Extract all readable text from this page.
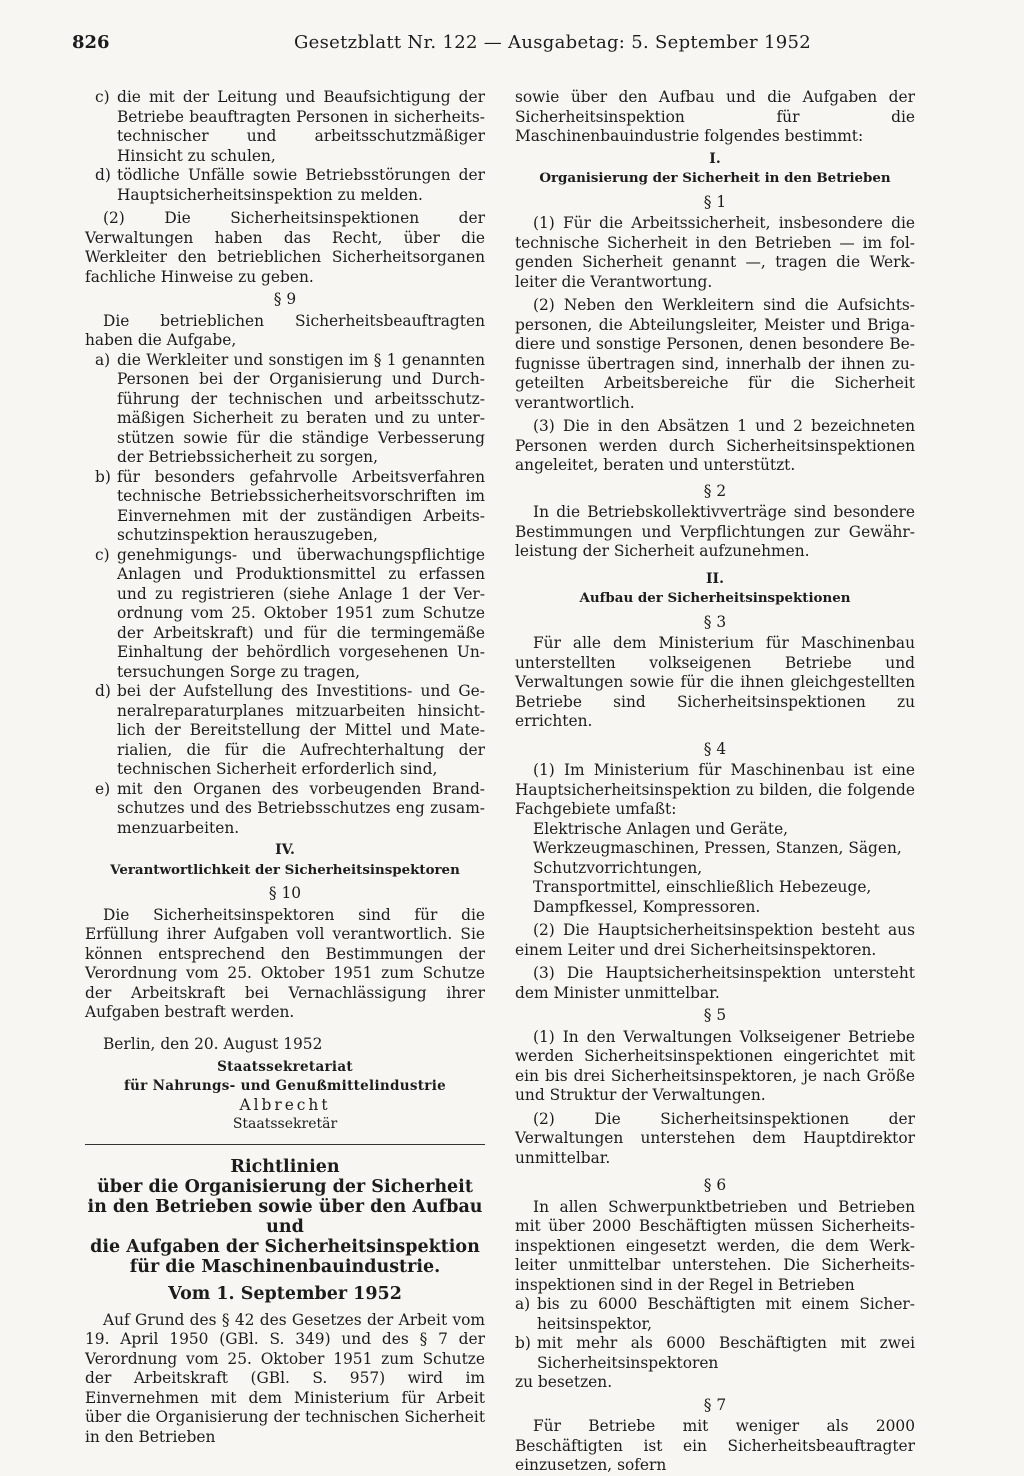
826	Gesetzblatt Nr. 122 — Ausgabetag: 5. September 1952
c) die mit der Leitung und Beaufsichtigung der Betriebe beauftragten Personen in sicherheitstechnischer und arbeitsschutzmäßiger Hinsicht zu schulen,
d) tödliche Unfälle sowie Betriebsstörungen der Hauptsicherheitsinspektion zu melden.

(2) Die Sicherheitsinspektionen der Verwaltungen haben das Recht, über die Werkleiter den betrieblichen Sicherheitsorganen fachliche Hinweise zu geben.

§ 9

Die betrieblichen Sicherheitsbeauftragten haben die Aufgabe,

a) die Werkleiter und sonstigen im § 1 genannten Personen bei der Organisierung und Durchführung der technischen und arbeitsschutzmäßigen Sicherheit zu beraten und zu unterstützen sowie für die ständige Verbesserung der Betriebssicherheit zu sorgen,
b) für besonders gefahrvolle Arbeitsverfahren technische Betriebssicherheitsvorschriften im Einvernehmen mit der zuständigen Arbeitsschutzinspektion herauszugeben,
c) genehmigungs- und überwachungspflichtige Anlagen und Produktionsmittel zu erfassen und zu registrieren (siehe Anlage 1 der Verordnung vom 25. Oktober 1951 zum Schutze der Arbeitskraft) und für die termingemäße Einhaltung der behördlich vorgesehenen Untersuchungen Sorge zu tragen,
d) bei der Aufstellung des Investitions- und Generalreparaturplanes mitzuarbeiten hinsichtlich der Bereitstellung der Mittel und Materialien, die für die Aufrechterhaltung der technischen Sicherheit erforderlich sind,
e) mit den Organen des vorbeugenden Brandschutzes und des Betriebsschutzes eng zusammenzuarbeiten.
IV.
Verantwortlichkeit der Sicherheitsinspektoren
§ 10

Die Sicherheitsinspektoren sind für die Erfüllung ihrer Aufgaben voll verantwortlich. Sie können entsprechend den Bestimmungen der Verordnung vom 25. Oktober 1951 zum Schutze der Arbeitskraft bei Vernachlässigung ihrer Aufgaben bestraft werden.

Berlin, den 20. August 1952

Staatssekretariat
für Nahrungs- und Genußmittelindustrie
Albrecht
Staatssekretär
Richtlinien
über die Organisierung der Sicherheit
in den Betrieben sowie über den Aufbau und
die Aufgaben der Sicherheitsinspektion
für die Maschinenbauindustrie.
Vom 1. September 1952

Auf Grund des § 42 des Gesetzes der Arbeit vom 19. April 1950 (GBl. S. 349) und des § 7 der Verordnung vom 25. Oktober 1951 zum Schutze der Arbeitskraft (GBl. S. 957) wird im Einvernehmen mit dem Ministerium für Arbeit über die Organisierung der technischen Sicherheit in den Betrieben

sowie über den Aufbau und die Aufgaben der Sicherheitsinspektion für die Maschinenbauindustrie folgendes bestimmt:

I.
Organisierung der Sicherheit in den Betrieben
§ 1

(1) Für die Arbeitssicherheit, insbesondere die technische Sicherheit in den Betrieben — im folgenden Sicherheit genannt —, tragen die Werkleiter die Verantwortung.

(2) Neben den Werkleitern sind die Aufsichtspersonen, die Abteilungsleiter, Meister und Brigadiere und sonstige Personen, denen besondere Befugnisse übertragen sind, innerhalb der ihnen zugeteilten Arbeitsbereiche für die Sicherheit verantwortlich.

(3) Die in den Absätzen 1 und 2 bezeichneten Personen werden durch Sicherheitsinspektionen angeleitet, beraten und unterstützt.

§ 2

In die Betriebskollektivverträge sind besondere Bestimmungen und Verpflichtungen zur Gewährleistung der Sicherheit aufzunehmen.

II.
Aufbau der Sicherheitsinspektionen
§ 3

Für alle dem Ministerium für Maschinenbau unterstellten volkseigenen Betriebe und Verwaltungen sowie für die ihnen gleichgestellten Betriebe sind Sicherheitsinspektionen zu errichten.

§ 4

(1) Im Ministerium für Maschinenbau ist eine Hauptsicherheitsinspektion zu bilden, die folgende Fachgebiete umfaßt:

Elektrische Anlagen und Geräte,
Werkzeugmaschinen, Pressen, Stanzen, Sägen,
Schutzvorrichtungen,
Transportmittel, einschließlich Hebezeuge,
Dampfkessel, Kompressoren.

(2) Die Hauptsicherheitsinspektion besteht aus einem Leiter und drei Sicherheitsinspektoren.

(3) Die Hauptsicherheitsinspektion untersteht dem Minister unmittelbar.

§ 5

(1) In den Verwaltungen Volkseigener Betriebe werden Sicherheitsinspektionen eingerichtet mit ein bis drei Sicherheitsinspektoren, je nach Größe und Struktur der Verwaltungen.

(2) Die Sicherheitsinspektionen der Verwaltungen unterstehen dem Hauptdirektor unmittelbar.

§ 6

In allen Schwerpunktbetrieben und Betrieben mit über 2000 Beschäftigten müssen Sicherheitsinspektionen eingesetzt werden, die dem Werkleiter unmittelbar unterstehen. Die Sicherheitsinspektionen sind in der Regel in Betrieben

a) bis zu 6000 Beschäftigten mit einem Sicherheitsinspektor,
b) mit mehr als 6000 Beschäftigten mit zwei Sicherheitsinspektoren

zu besetzen.

§ 7

Für Betriebe mit weniger als 2000 Beschäftigten ist ein Sicherheitsbeauftragter einzusetzen, sofern
